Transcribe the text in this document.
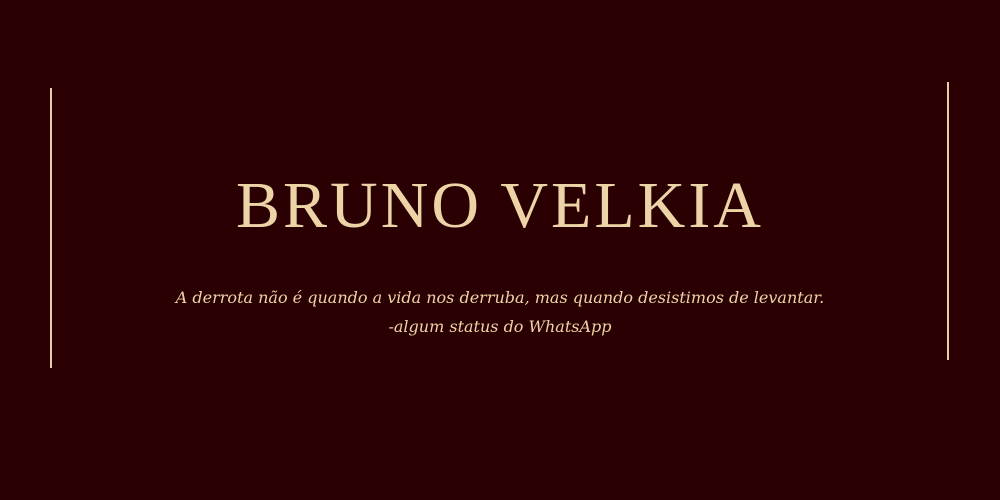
BRUNO VELKIA

A derrota não é quando a vida nos derruba, mas quando desistimos de levantar.

-algum status do WhatsApp
